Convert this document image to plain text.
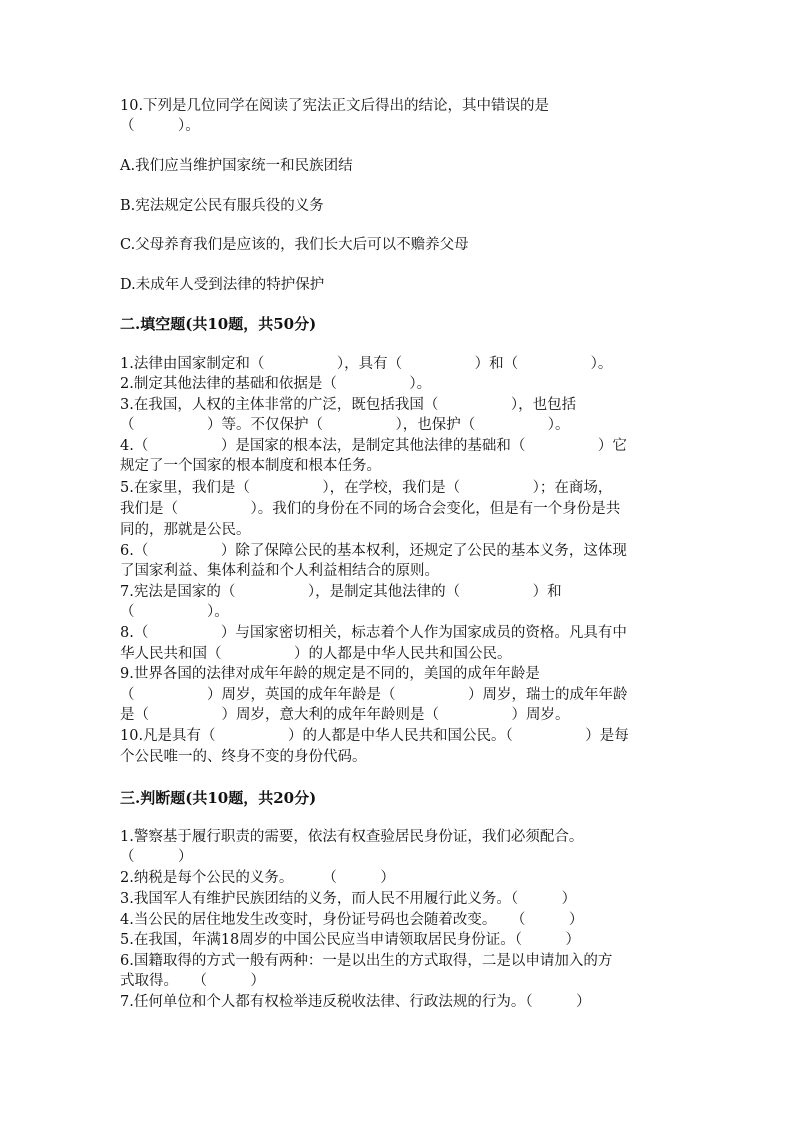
10.下列是几位同学在阅读了宪法正文后得出的结论，其中错误的是
（　　　）。
A.我们应当维护国家统一和民族团结
B.宪法规定公民有服兵役的义务
C.父母养育我们是应该的，我们长大后可以不赡养父母
D.未成年人受到法律的特护保护
二.填空题(共10题，共50分)
1.法律由国家制定和（　　　　　），具有（　　　　　）和（　　　　　）。
2.制定其他法律的基础和依据是（　　　　　）。
3.在我国，人权的主体非常的广泛，既包括我国（　　　　　），也包括
（　　　　　）等。不仅保护（　　　　　），也保护（　　　　　）。
4.（　　　　　）是国家的根本法，是制定其他法律的基础和（　　　　　）它
规定了一个国家的根本制度和根本任务。
5.在家里，我们是（　　　　　），在学校，我们是（　　　　　）；在商场，
我们是（　　　　　）。我们的身份在不同的场合会变化，但是有一个身份是共
同的，那就是公民。
6.（　　　　　）除了保障公民的基本权利，还规定了公民的基本义务，这体现
了国家利益、集体利益和个人利益相结合的原则。
7.宪法是国家的（　　　　　），是制定其他法律的（　　　　　）和
（　　　　　）。
8.（　　　　　）与国家密切相关，标志着个人作为国家成员的资格。凡具有中
华人民共和国（　　　　　）的人都是中华人民共和国公民。
9.世界各国的法律对成年年龄的规定是不同的，美国的成年年龄是
（　　　　　）周岁，英国的成年年龄是（　　　　　）周岁，瑞士的成年年龄
是（　　　　　）周岁，意大利的成年年龄则是（　　　　　）周岁。
10.凡是具有（　　　　　）的人都是中华人民共和国公民。（　　　　　）是每
个公民唯一的、终身不变的身份代码。
三.判断题(共10题，共20分)
1.警察基于履行职责的需要，依法有权查验居民身份证，我们必须配合。
（　　　）
2.纳税是每个公民的义务。　　　（　　　）
3.我国军人有维护民族团结的义务，而人民不用履行此义务。（　　　）
4.当公民的居住地发生改变时，身份证号码也会随着改变。　　（　　　）
5.在我国，年满18周岁的中国公民应当申请领取居民身份证。（　　　）
6.国籍取得的方式一般有两种：一是以出生的方式取得，二是以申请加入的方
式取得。　　（　　　）
7.任何单位和个人都有权检举违反税收法律、行政法规的行为。（　　　）
